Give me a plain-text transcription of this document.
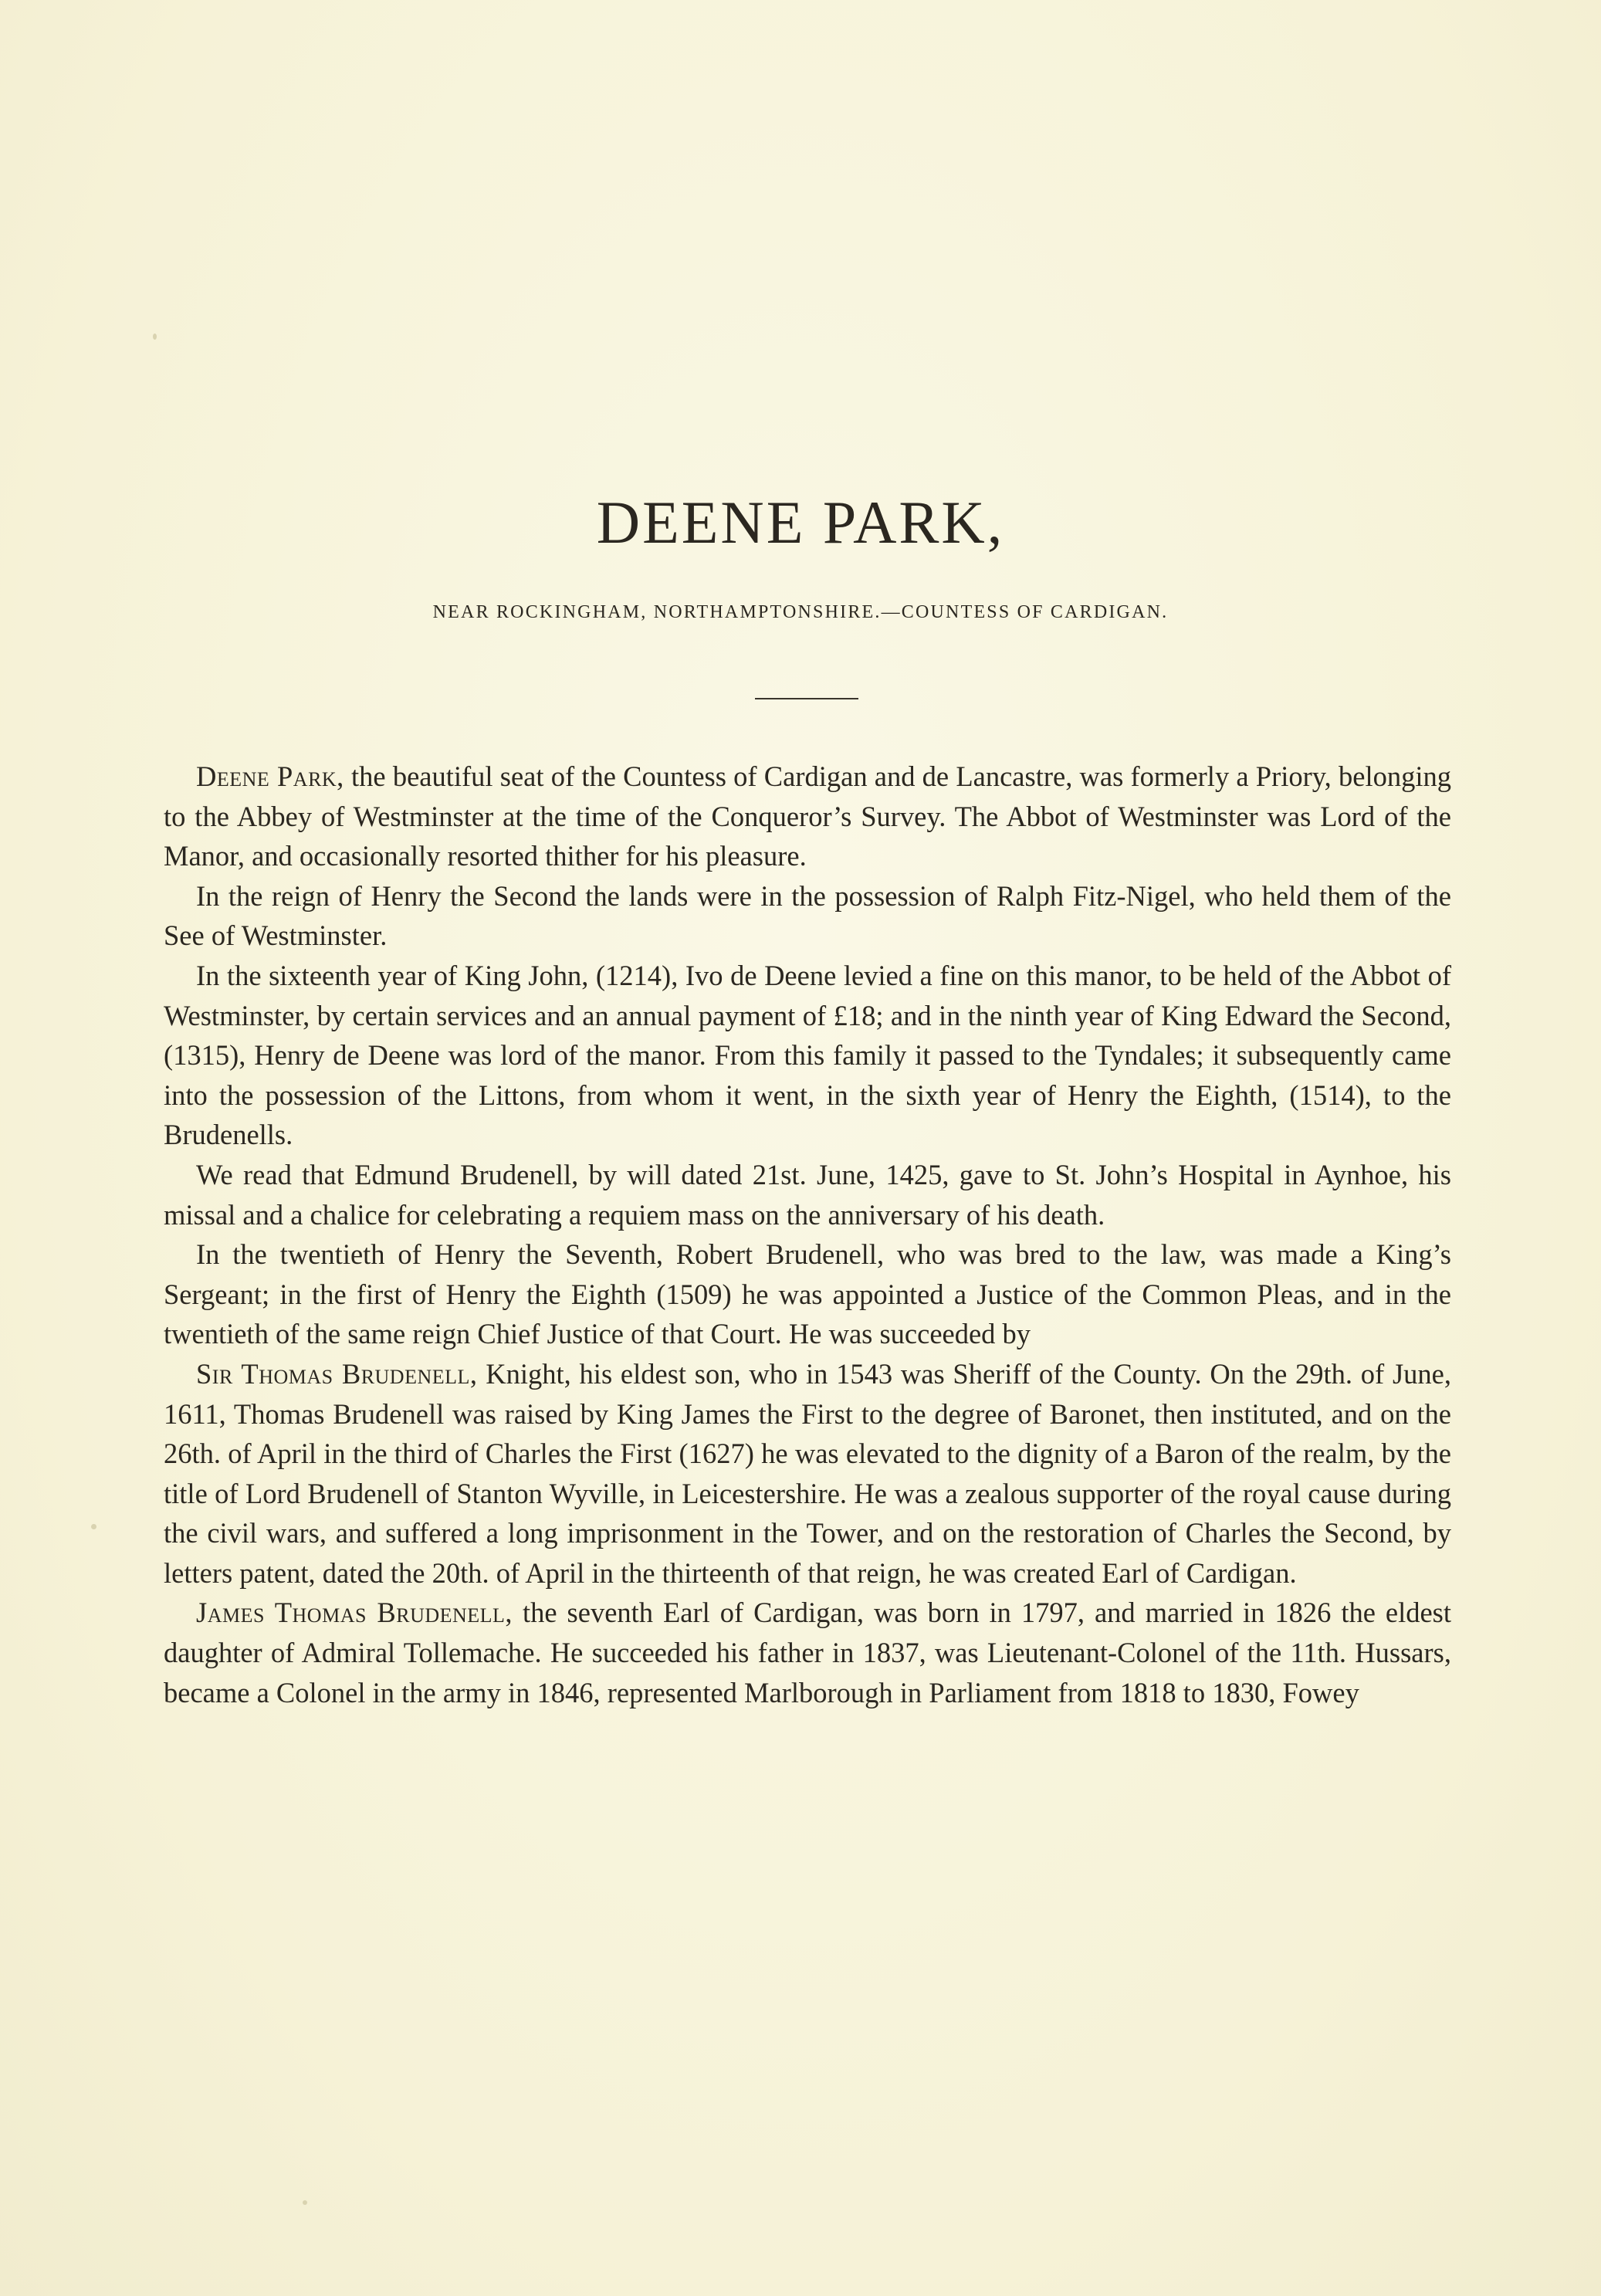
DEENE PARK,

NEAR ROCKINGHAM, NORTHAMPTONSHIRE.—COUNTESS OF CARDIGAN.

Deene Park, the beautiful seat of the Countess of Cardigan and de Lancastre, was formerly a Priory, belonging to the Abbey of Westminster at the time of the Conqueror’s Survey. The Abbot of Westminster was Lord of the Manor, and occasionally resorted thither for his pleasure.

In the reign of Henry the Second the lands were in the possession of Ralph Fitz-Nigel, who held them of the See of Westminster.

In the sixteenth year of King John, (1214), Ivo de Deene levied a fine on this manor, to be held of the Abbot of Westminster, by certain services and an annual payment of £18; and in the ninth year of King Edward the Second, (1315), Henry de Deene was lord of the manor. From this family it passed to the Tyndales; it subsequently came into the possession of the Littons, from whom it went, in the sixth year of Henry the Eighth, (1514), to the Brudenells.

We read that Edmund Brudenell, by will dated 21st. June, 1425, gave to St. John’s Hospital in Aynhoe, his missal and a chalice for celebrating a requiem mass on the anniversary of his death.

In the twentieth of Henry the Seventh, Robert Brudenell, who was bred to the law, was made a King’s Sergeant; in the first of Henry the Eighth (1509) he was appointed a Justice of the Common Pleas, and in the twentieth of the same reign Chief Justice of that Court. He was succeeded by

Sir Thomas Brudenell, Knight, his eldest son, who in 1543 was Sheriff of the County. On the 29th. of June, 1611, Thomas Brudenell was raised by King James the First to the degree of Baronet, then instituted, and on the 26th. of April in the third of Charles the First (1627) he was elevated to the dignity of a Baron of the realm, by the title of Lord Brudenell of Stanton Wyville, in Leicestershire. He was a zealous supporter of the royal cause during the civil wars, and suffered a long imprisonment in the Tower, and on the restoration of Charles the Second, by letters patent, dated the 20th. of April in the thirteenth of that reign, he was created Earl of Cardigan.

James Thomas Brudenell, the seventh Earl of Cardigan, was born in 1797, and married in 1826 the eldest daughter of Admiral Tollemache. He succeeded his father in 1837, was Lieutenant-Colonel of the 11th. Hussars, became a Colonel in the army in 1846, represented Marlborough in Parliament from 1818 to 1830, Fowey
